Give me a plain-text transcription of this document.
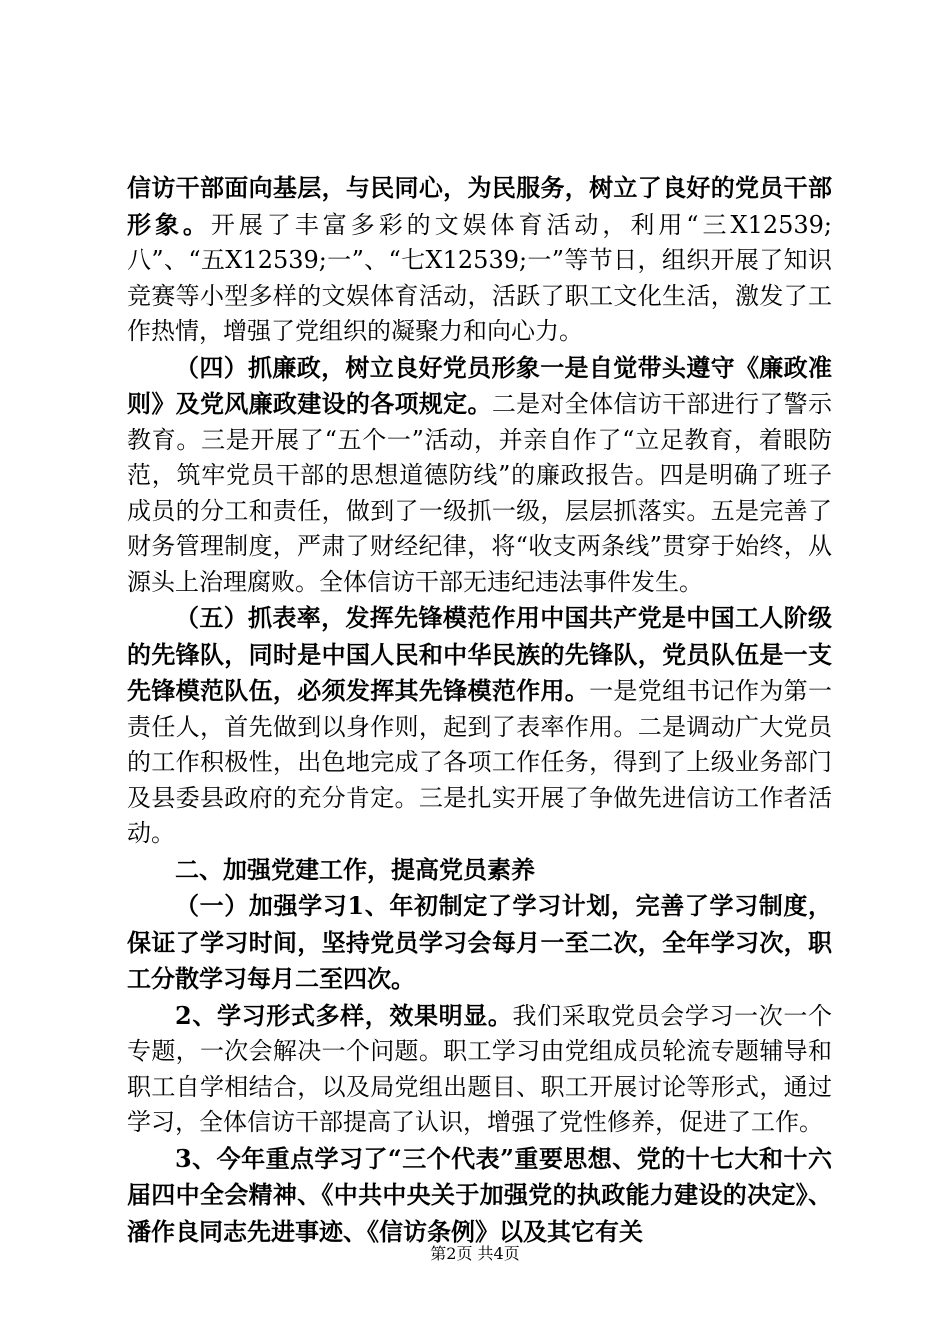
信访干部面向基层，与民同心，为民服务，树立了良好的党员干部形象。开展了丰富多彩的文娱体育活动，利用“三X12539;八”、“五X12539;一”、“七X12539;一”等节日，组织开展了知识竞赛等小型多样的文娱体育活动，活跃了职工文化生活，激发了工作热情，增强了党组织的凝聚力和向心力。

（四）抓廉政，树立良好党员形象一是自觉带头遵守《廉政准则》及党风廉政建设的各项规定。二是对全体信访干部进行了警示教育。三是开展了“五个一”活动，并亲自作了“立足教育，着眼防范，筑牢党员干部的思想道德防线”的廉政报告。四是明确了班子成员的分工和责任，做到了一级抓一级，层层抓落实。五是完善了财务管理制度，严肃了财经纪律，将“收支两条线”贯穿于始终，从源头上治理腐败。全体信访干部无违纪违法事件发生。

（五）抓表率，发挥先锋模范作用中国共产党是中国工人阶级的先锋队，同时是中国人民和中华民族的先锋队，党员队伍是一支先锋模范队伍，必须发挥其先锋模范作用。一是党组书记作为第一责任人，首先做到以身作则，起到了表率作用。二是调动广大党员的工作积极性，出色地完成了各项工作任务，得到了上级业务部门及县委县政府的充分肯定。三是扎实开展了争做先进信访工作者活动。

二、加强党建工作，提高党员素养

（一）加强学习1、年初制定了学习计划，完善了学习制度，保证了学习时间，坚持党员学习会每月一至二次，全年学习次，职工分散学习每月二至四次。

2、学习形式多样，效果明显。我们采取党员会学习一次一个专题，一次会解决一个问题。职工学习由党组成员轮流专题辅导和职工自学相结合，以及局党组出题目、职工开展讨论等形式，通过学习，全体信访干部提高了认识，增强了党性修养，促进了工作。

3、今年重点学习了“三个代表”重要思想、党的十七大和十六届四中全会精神、《中共中央关于加强党的执政能力建设的决定》、潘作良同志先进事迹、《信访条例》以及其它有关

第2页 共4页
